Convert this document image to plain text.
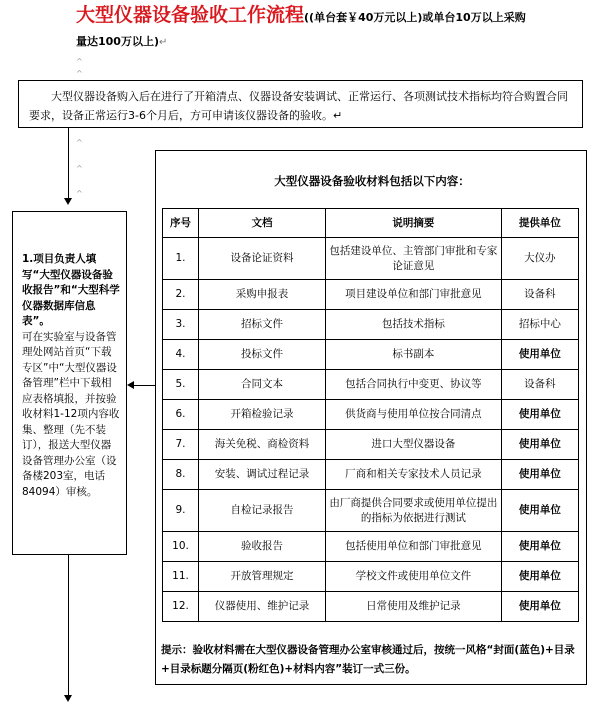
大型仪器设备验收工作流程((单台套￥40万元以上)或单台10万以上采购
量达100万以上)↵
^
^
大型仪器设备购入后在进行了开箱清点、仪器设备安装调试、正常运行、各项测试技术指标均符合购置合同要求，设备正常运行3-6个月后，方可申请该仪器设备的验收。↵
^
^
^
1.项目负责人填写“大型仪器设备验收报告”和“大型科学仪器数据库信息表”。
可在实验室与设备管理处网站首页“下载专区”中“大型仪器设备管理”栏中下载相应表格填报，并按验收材料1-12项内容收集、整理（先不装订），报送大型仪器设备管理办公室（设备楼203室，电话84094）审核。
大型仪器设备验收材料包括以下内容：
序号	文档	说明摘要	提供单位
1.	设备论证资料	包括建设单位、主管部门审批和专家论证意见	大仪办
2.	采购申报表	项目建设单位和部门审批意见	设备科
3.	招标文件	包括技术指标	招标中心
4.	投标文件	标书副本	使用单位
5.	合同文本	包括合同执行中变更、协议等	设备科
6.	开箱检验记录	供货商与使用单位按合同清点	使用单位
7.	海关免税、商检资料	进口大型仪器设备	使用单位
8.	安装、调试过程记录	厂商和相关专家技术人员记录	使用单位
9.	自检记录报告	由厂商提供合同要求或使用单位提出的指标为依据进行测试	使用单位
10.	验收报告	包括使用单位和部门审批意见	使用单位
11.	开放管理规定	学校文件或使用单位文件	使用单位
12.	仪器使用、维护记录	日常使用及维护记录	使用单位
提示：验收材料需在大型仪器设备管理办公室审核通过后，按统一风格“封面(蓝色)+目录+目录标题分隔页(粉红色)+材料内容”装订一式三份。
